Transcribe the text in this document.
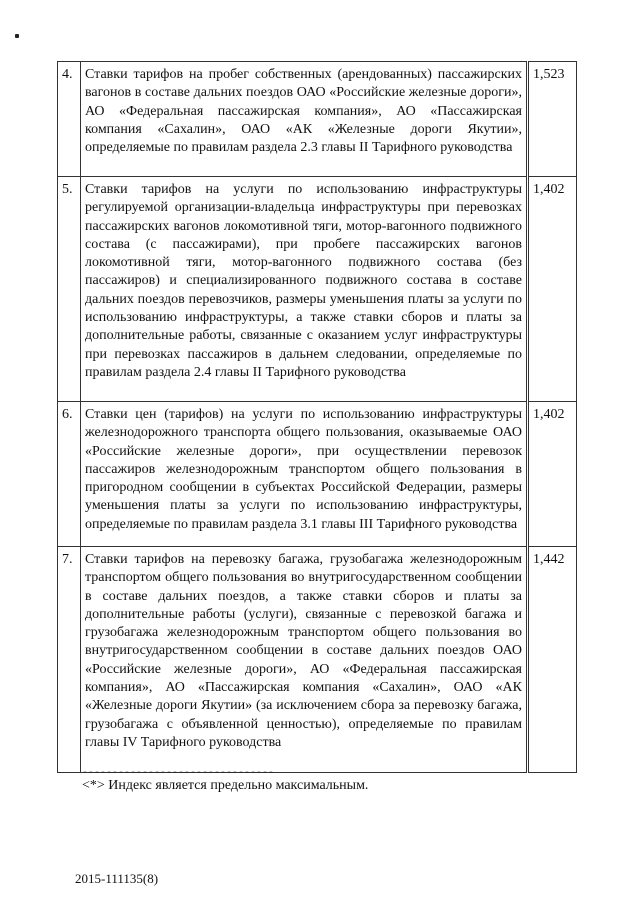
4.	Ставки тарифов на пробег собственных (арендованных) пассажирских вагонов в составе дальних поездов ОАО «Российские железные дороги», АО «Федеральная пассажирская компания», АО «Пассажирская компания «Сахалин», ОАО «АК «Железные дороги Якутии», определяемые по правилам раздела 2.3 главы II Тарифного руководства	1,523
5.	Ставки тарифов на услуги по использованию инфраструктуры регулируемой организации-владельца инфраструктуры при перевозках пассажирских вагонов локомотивной тяги, мотор-вагонного подвижного состава (с пассажирами), при пробеге пассажирских вагонов локомотивной тяги, мотор-вагонного подвижного состава (без пассажиров) и специализированного подвижного состава в составе дальних поездов перевозчиков, размеры уменьшения платы за услуги по использованию инфраструктуры, а также ставки сборов и платы за дополнительные работы, связанные с оказанием услуг инфраструктуры при перевозках пассажиров в дальнем следовании, определяемые по правилам раздела 2.4 главы II Тарифного руководства	1,402
6.	Ставки цен (тарифов) на услуги по использованию инфраструктуры железнодорожного транспорта общего пользования, оказываемые ОАО «Российские железные дороги», при осуществлении перевозок пассажиров железнодорожным транспортом общего пользования в пригородном сообщении в субъектах Российской Федерации, размеры уменьшения платы за услуги по использованию инфраструктуры, определяемые по правилам раздела 3.1 главы III Тарифного руководства	1,402
7.	Ставки тарифов на перевозку багажа, грузобагажа железнодорожным транспортом общего пользования во внутригосударственном сообщении в составе дальних поездов, а также ставки сборов и платы за дополнительные работы (услуги), связанные с перевозкой багажа и грузобагажа железнодорожным транспортом общего пользования во внутригосударственном сообщении в составе дальних поездов ОАО «Российские железные дороги», АО «Федеральная пассажирская компания», АО «Пассажирская компания «Сахалин», ОАО «АК «Железные дороги Якутии» (за исключением сбора за перевозку багажа, грузобагажа с объявленной ценностью), определяемые по правилам главы IV Тарифного руководства	1,442
--------------------------------
<*> Индекс является предельно максимальным.
2015-111135(8)
